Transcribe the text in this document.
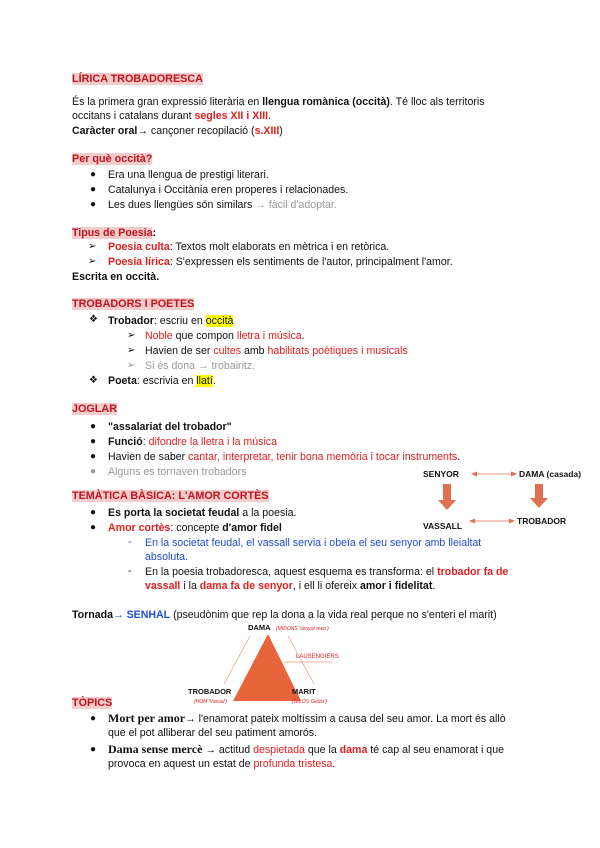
LÍRICA TROBADORESCA
És la primera gran expressió literària en llengua romànica (occità). Té lloc als territoris
occitans i catalans durant segles XII i XIII.
Caràcter oral→ cançoner recopilació (s.XIII)
Per què occità?
● Era una llengua de prestigi literari.
● Catalunya i Occitània eren properes i relacionades.
● Les dues llengües són similars → fàcil d'adoptar.
Tipus de Poesia:
➢ Poesia culta: Textos molt elaborats en mètrica i en retòrica.
➢ Poesia lírica: S'expressen els sentiments de l'autor, principalment l'amor.
Escrita en occità.
TROBADORS I POETES
❖ Trobador: escriu en occità
➢ Noble que compon lletra i música.
➢ Havien de ser cultes amb habilitats poètiques i musicals
➢ Si és dona → trobairitz.
❖ Poeta: escrivia en llatí.
JOGLAR
● "assalariat del trobador"
● Funció: difondre la lletra i la música
● Havien de saber cantar, interpretar, tenir bona memòria i tocar instruments.
● Alguns es tornaven trobadors	SENYOR	DAMA (casada)
VASSALL	TROBADOR
TEMÀTICA BÀSICA: L'AMOR CORTÈS
● Es porta la societat feudal a la poesia.
● Amor cortès: concepte d'amor fidel
- En la societat feudal, el vassall servia i obeïa el seu senyor amb lleialtat
absoluta.
- En la poesia trobadoresca, aquest esquema es transforma: el trobador fa de
vassall i la dama fa de senyor, i ell li ofereix amor i fidelitat.
Tornada→ SENHAL (pseudònim que rep la dona a la vida real perque no s'enteri el marit)
DAMA (MIDONS 'senyor meu')
LAUSENGIERS
TROBADOR
(HOM 'Vassal')
MARIT
(GILÓS 'Gelós')
TÒPICS
● Mort per amor→ l'enamorat pateix moltíssim a causa del seu amor. La mort és allò
que el pot alliberar del seu patiment amorós.
● Dama sense mercè → actitud despietada que la dama té cap al seu enamorat i que
provoca en aquest un estat de profunda tristesa.
